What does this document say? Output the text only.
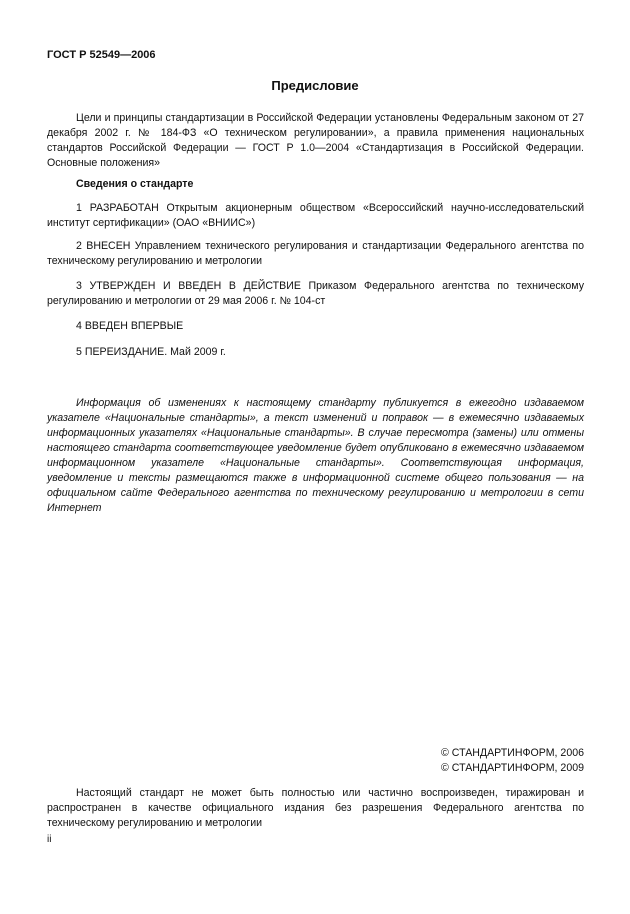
ГОСТ Р 52549—2006
Предисловие
Цели и принципы стандартизации в Российской Федерации установлены Федеральным законом от 27 декабря 2002 г. № 184-ФЗ «О техническом регулировании», а правила применения национальных стандартов Российской Федерации — ГОСТ Р 1.0—2004 «Стандартизация в Российской Федерации. Основные положения»
Сведения о стандарте
1 РАЗРАБОТАН Открытым акционерным обществом «Всероссийский научно-исследовательский институт сертификации» (ОАО «ВНИИС»)
2 ВНЕСЕН Управлением технического регулирования и стандартизации Федерального агентства по техническому регулированию и метрологии
3 УТВЕРЖДЕН И ВВЕДЕН В ДЕЙСТВИЕ Приказом Федерального агентства по техническому регулированию и метрологии от 29 мая 2006 г. № 104-ст
4 ВВЕДЕН ВПЕРВЫЕ
5 ПЕРЕИЗДАНИЕ. Май 2009 г.
Информация об изменениях к настоящему стандарту публикуется в ежегодно издаваемом указателе «Национальные стандарты», а текст изменений и поправок — в ежемесячно издаваемых информационных указателях «Национальные стандарты». В случае пересмотра (замены) или отмены настоящего стандарта соответствующее уведомление будет опубликовано в ежемесячно издаваемом информационном указателе «Национальные стандарты». Соответствующая информация, уведомление и тексты размещаются также в информационной системе общего пользования — на официальном сайте Федерального агентства по техническому регулированию и метрологии в сети Интернет
© СТАНДАРТИНФОРМ, 2006
© СТАНДАРТИНФОРМ, 2009
Настоящий стандарт не может быть полностью или частично воспроизведен, тиражирован и распространен в качестве официального издания без разрешения Федерального агентства по техническому регулированию и метрологии
ii
